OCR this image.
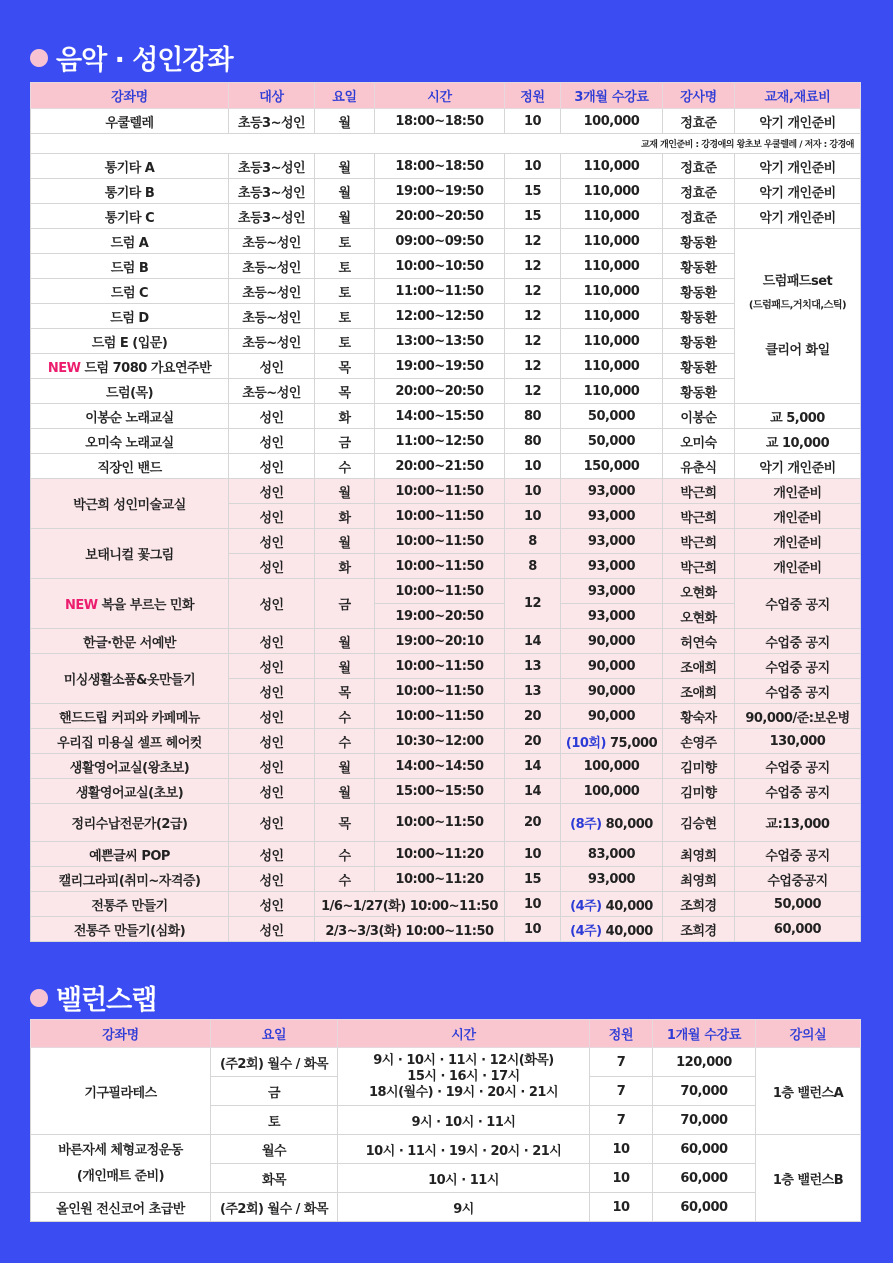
음악 · 성인강좌
강좌명	대상	요일	시간	정원	3개월 수강료	강사명	교재,재료비
우쿨렐레	초등3~성인	월	18:00~18:50	10	100,000	정효준	악기 개인준비
교재 개인준비 : 강경애의 왕초보 우쿨렐레 / 저자 : 강경애							
통기타 A	초등3~성인	월	18:00~18:50	10	110,000	정효준	악기 개인준비
통기타 B	초등3~성인	월	19:00~19:50	15	110,000	정효준	악기 개인준비
통기타 C	초등3~성인	월	20:00~20:50	15	110,000	정효준	악기 개인준비
드럼 A	초등~성인	토	09:00~09:50	12	110,000	황동환	드럼패드set
(드럼패드,거치대,스틱)
클리어 화일

드럼 B	초등~성인	토	10:00~10:50	12	110,000	황동환	
드럼 C	초등~성인	토	11:00~11:50	12	110,000	황동환	
드럼 D	초등~성인	토	12:00~12:50	12	110,000	황동환	
드럼 E (입문)	초등~성인	토	13:00~13:50	12	110,000	황동환	
NEW 드럼 7080 가요연주반	성인	목	19:00~19:50	12	110,000	황동환	
드럼(목)	초등~성인	목	20:00~20:50	12	110,000	황동환	
이봉순 노래교실	성인	화	14:00~15:50	80	50,000	이봉순	교 5,000
오미숙 노래교실	성인	금	11:00~12:50	80	50,000	오미숙	교 10,000
직장인 밴드	성인	수	20:00~21:50	10	150,000	유춘식	악기 개인준비
박근희 성인미술교실	성인	월	10:00~11:50	10	93,000	박근희	개인준비
	성인	화	10:00~11:50	10	93,000	박근희	개인준비
보태니컬 꽃그림	성인	월	10:00~11:50	8	93,000	박근희	개인준비
	성인	화	10:00~11:50	8	93,000	박근희	개인준비
NEW 복을 부르는 민화	성인	금	10:00~11:50	12	93,000	오현화	수업중 공지
			19:00~20:50		93,000	오현화	
한글·한문 서예반	성인	월	19:00~20:10	14	90,000	허연숙	수업중 공지
미싱생활소품&옷만들기	성인	월	10:00~11:50	13	90,000	조애희	수업중 공지
	성인	목	10:00~11:50	13	90,000	조애희	수업중 공지
핸드드립 커피와 카페메뉴	성인	수	10:00~11:50	20	90,000	황숙자	90,000/준:보온병
우리집 미용실 셀프 헤어컷	성인	수	10:30~12:00	20	(10회) 75,000	손영주	130,000
생활영어교실(왕초보)	성인	월	14:00~14:50	14	100,000	김미향	수업중 공지
생활영어교실(초보)	성인	월	15:00~15:50	14	100,000	김미향	수업중 공지
정리수납전문가(2급)	성인	목	10:00~11:50	20	(8주) 80,000	김승현	교:13,000
예쁜글씨 POP	성인	수	10:00~11:20	10	83,000	최영희	수업중 공지
캘리그라피(취미~자격증)	성인	수	10:00~11:20	15	93,000	최영희	수업중공지
전통주 만들기	성인	1/6~1/27(화) 10:00~11:50		10	(4주) 40,000	조희경	50,000
전통주 만들기(심화)	성인	2/3~3/3(화) 10:00~11:50		10	(4주) 40,000	조희경	60,000
밸런스랩
강좌명	요일	시간	정원	1개월 수강료	강의실
기구필라테스	(주2회) 월수 / 화목	9시 · 10시 · 11시 · 12시(화목)
15시 · 16시 · 17시
18시(월수) · 19시 · 20시 · 21시	7	120,000	1층 밸런스A
	금		7	70,000	
	토	9시 · 10시 · 11시	7	70,000	

바른자세 체형교정운동
(개인매트 준비)	월수	10시 · 11시 · 19시 · 20시 · 21시	10	60,000	1층 밸런스B
	화목	10시 · 11시	10	60,000	
올인원 전신코어 초급반	(주2회) 월수 / 화목	9시	10	60,000	
